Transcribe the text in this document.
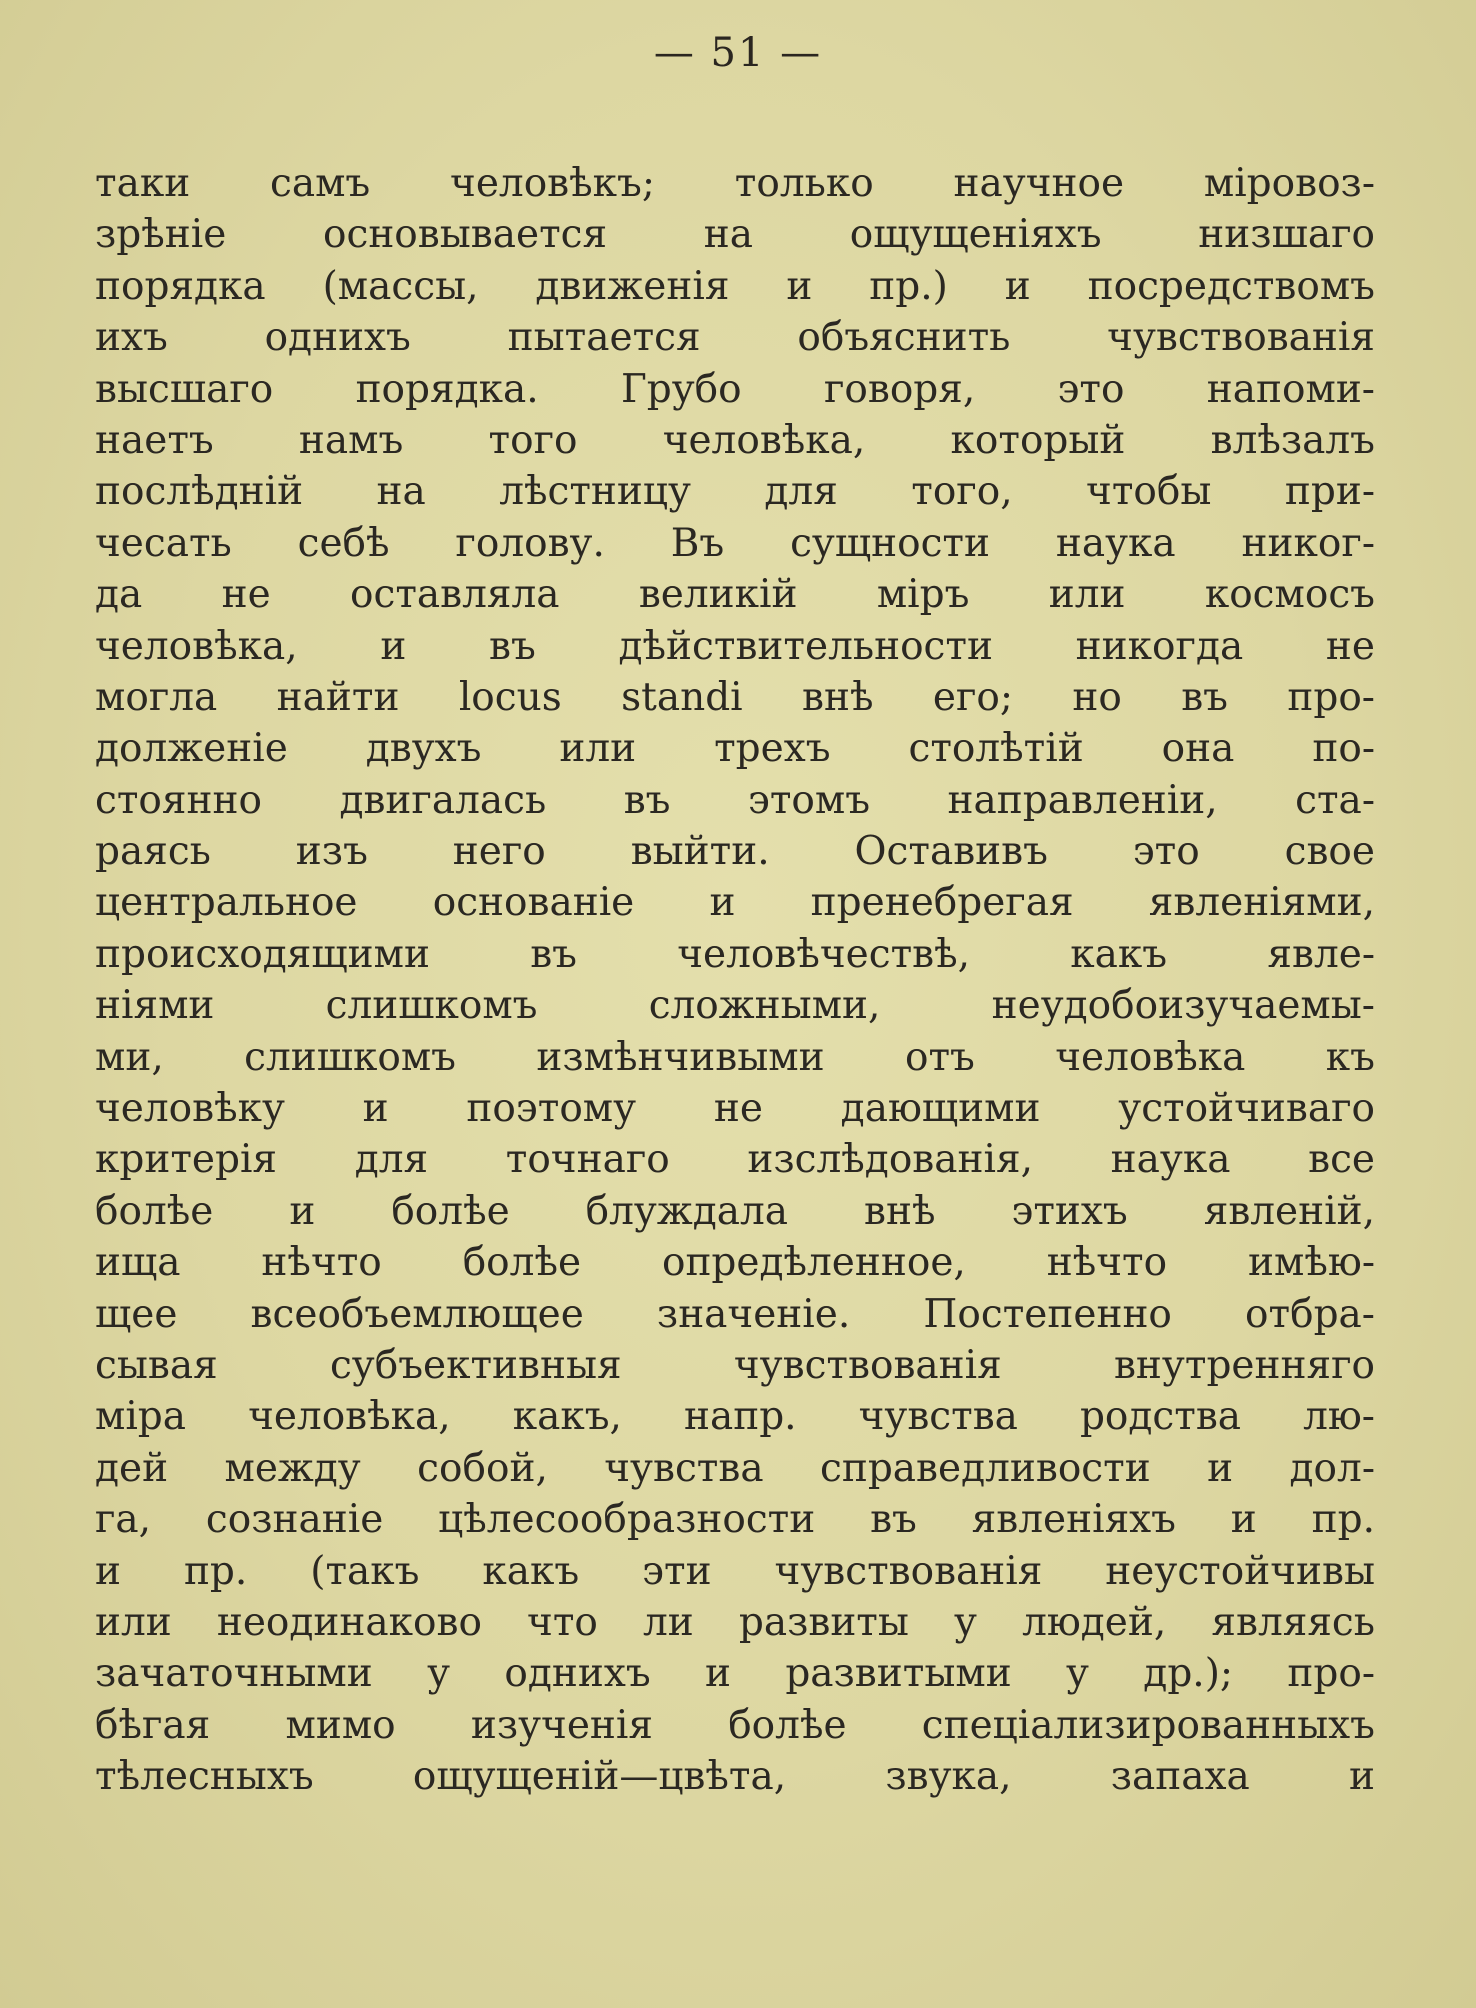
— 51 —
таки самъ человѣкъ; только научное міровоз-
зрѣніе основывается на ощущеніяхъ низшаго
порядка (массы, движенія и пр.) и посредствомъ
ихъ однихъ пытается объяснить чувствованія
высшаго порядка. Грубо говоря, это напоми-
наетъ намъ того человѣка, который влѣзалъ
послѣдній на лѣстницу для того, чтобы при-
чесать себѣ голову. Въ сущности наука никог-
да не оставляла великій міръ или космосъ
человѣка, и въ дѣйствительности никогда не
могла найти locus standi внѣ его; но въ про-
долженіе двухъ или трехъ столѣтій она по-
стоянно двигалась въ этомъ направленіи, ста-
раясь изъ него выйти. Оставивъ это свое
центральное основаніе и пренебрегая явленіями,
происходящими въ человѣчествѣ, какъ явле-
ніями слишкомъ сложными, неудобоизучаемы-
ми, слишкомъ измѣнчивыми отъ человѣка къ
человѣку и поэтому не дающими устойчиваго
критерія для точнаго изслѣдованія, наука все
болѣе и болѣе блуждала внѣ этихъ явленій,
ища нѣчто болѣе опредѣленное, нѣчто имѣю-
щее всеобъемлющее значеніе. Постепенно отбра-
сывая субъективныя чувствованія внутренняго
міра человѣка, какъ, напр. чувства родства лю-
дей между собой, чувства справедливости и дол-
га, сознаніе цѣлесообразности въ явленіяхъ и пр.
и пр. (такъ какъ эти чувствованія неустойчивы
или неодинаково что ли развиты у людей, являясь
зачаточными у однихъ и развитыми у др.); про-
бѣгая мимо изученія болѣе спеціализированныхъ
тѣлесныхъ ощущеній—цвѣта, звука, запаха и
